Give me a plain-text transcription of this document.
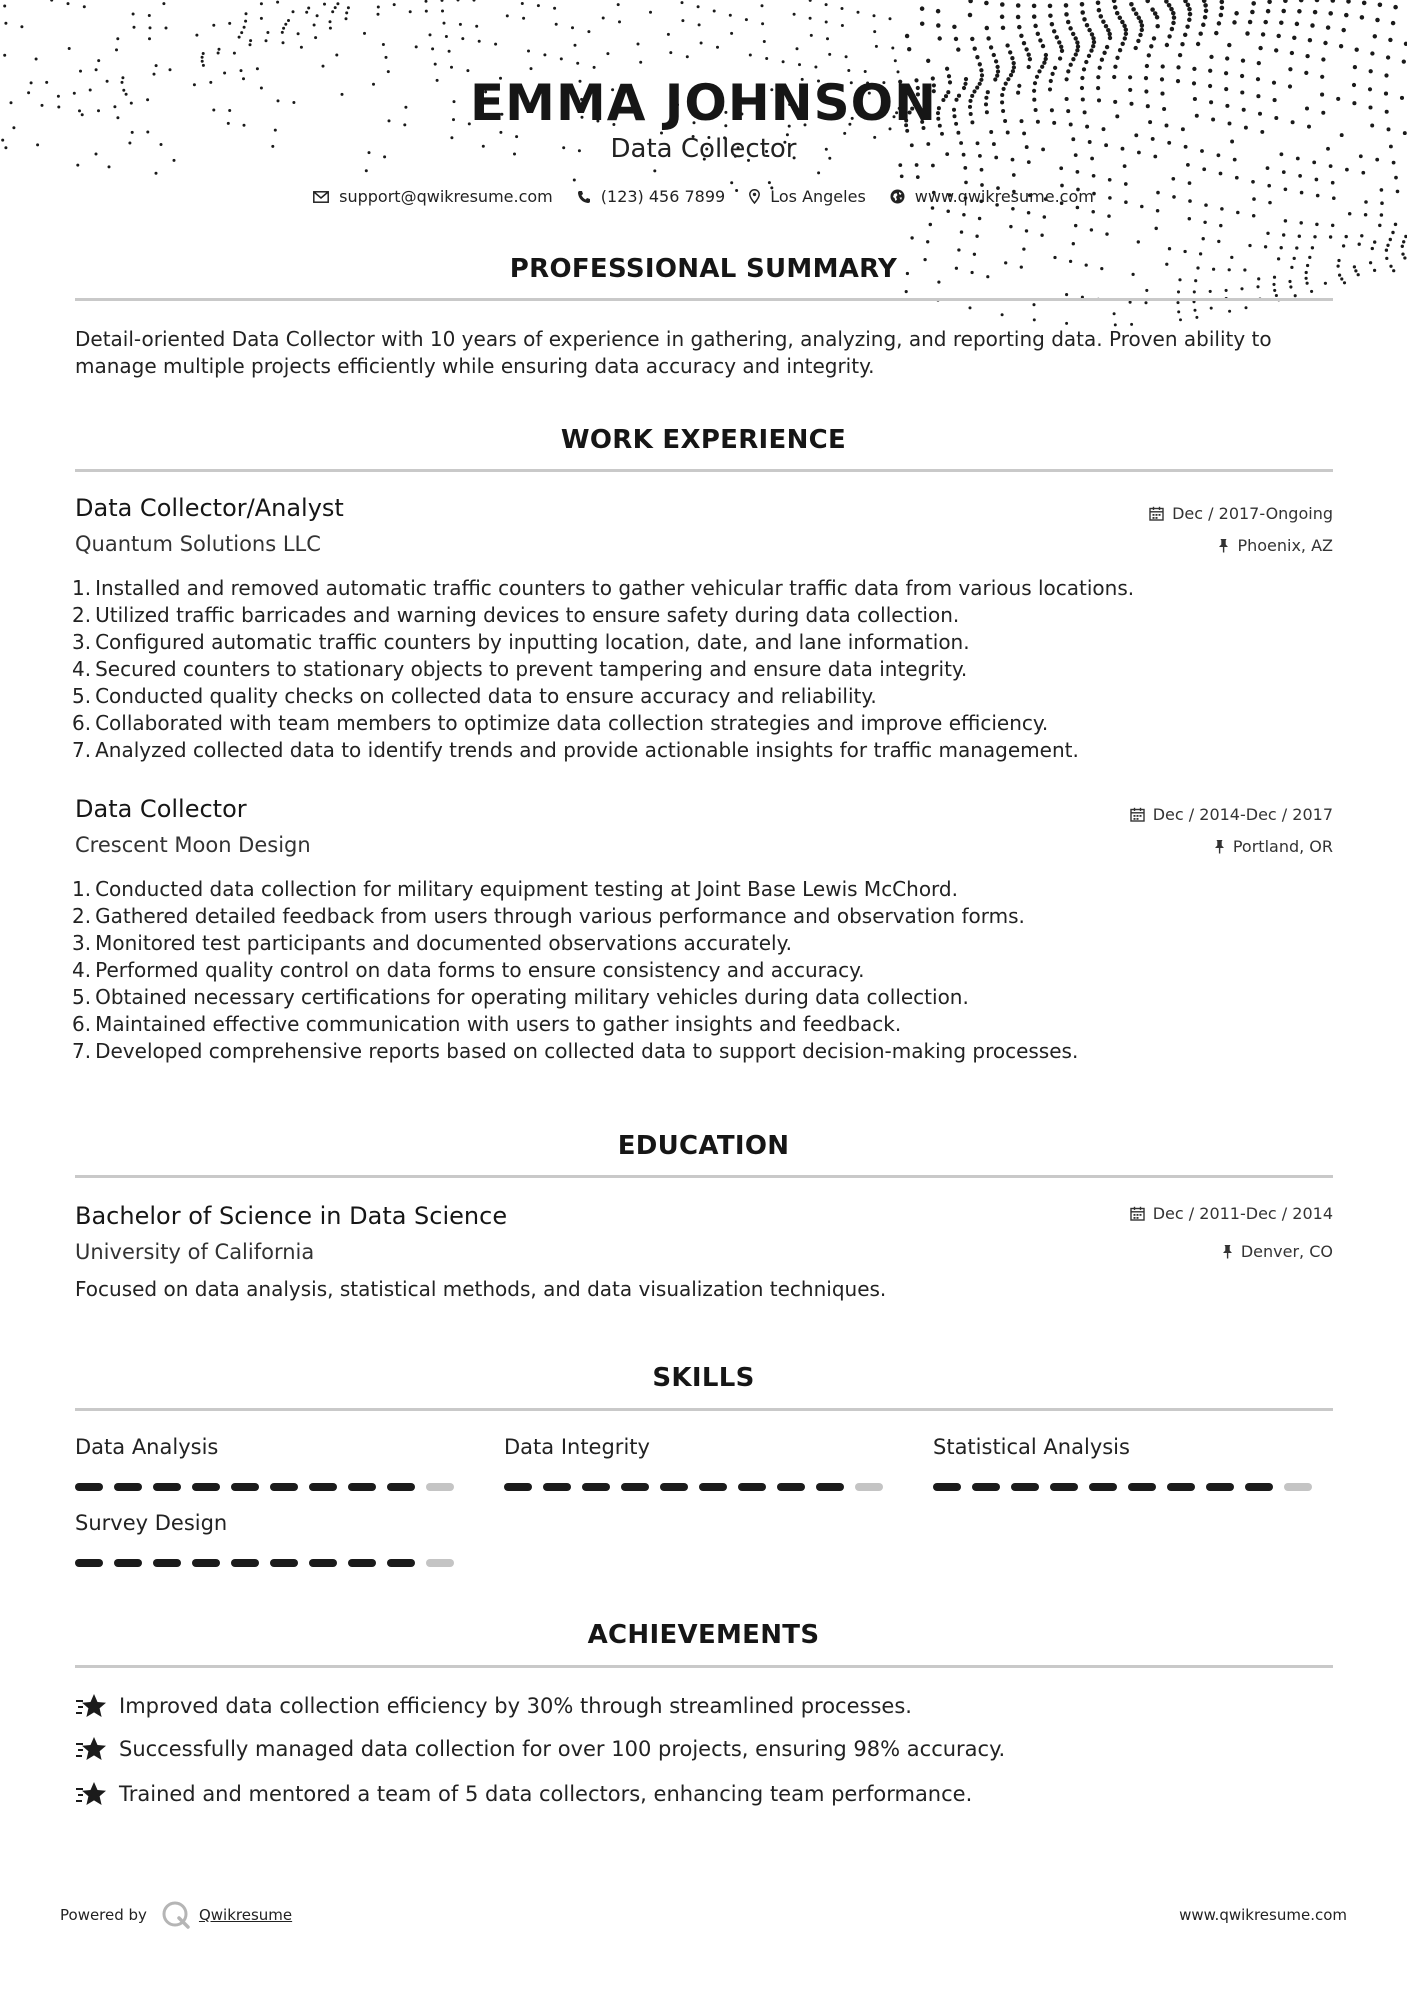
EMMA JOHNSON
Data Collector
support@qwikresume.com	(123) 456 7899	Los Angeles	www.qwikresume.com
PROFESSIONAL SUMMARY
Detail-oriented Data Collector with 10 years of experience in gathering, analyzing, and reporting data. Proven ability to
manage multiple projects efficiently while ensuring data accuracy and integrity.
WORK EXPERIENCE
Data Collector/Analyst	Dec / 2017-Ongoing
Quantum Solutions LLC	Phoenix, AZ
1. Installed and removed automatic traffic counters to gather vehicular traffic data from various locations.
2. Utilized traffic barricades and warning devices to ensure safety during data collection.
3. Configured automatic traffic counters by inputting location, date, and lane information.
4. Secured counters to stationary objects to prevent tampering and ensure data integrity.
5. Conducted quality checks on collected data to ensure accuracy and reliability.
6. Collaborated with team members to optimize data collection strategies and improve efficiency.
7. Analyzed collected data to identify trends and provide actionable insights for traffic management.
Data Collector	Dec / 2014-Dec / 2017
Crescent Moon Design	Portland, OR
1. Conducted data collection for military equipment testing at Joint Base Lewis McChord.
2. Gathered detailed feedback from users through various performance and observation forms.
3. Monitored test participants and documented observations accurately.
4. Performed quality control on data forms to ensure consistency and accuracy.
5. Obtained necessary certifications for operating military vehicles during data collection.
6. Maintained effective communication with users to gather insights and feedback.
7. Developed comprehensive reports based on collected data to support decision-making processes.
EDUCATION
Bachelor of Science in Data Science	Dec / 2011-Dec / 2014
University of California	Denver, CO
Focused on data analysis, statistical methods, and data visualization techniques.
SKILLS
Data Analysis	Data Integrity	Statistical Analysis
Survey Design
ACHIEVEMENTS
Improved data collection efficiency by 30% through streamlined processes.
Successfully managed data collection for over 100 projects, ensuring 98% accuracy.
Trained and mentored a team of 5 data collectors, enhancing team performance.
Powered by	Qwikresume	www.qwikresume.com
